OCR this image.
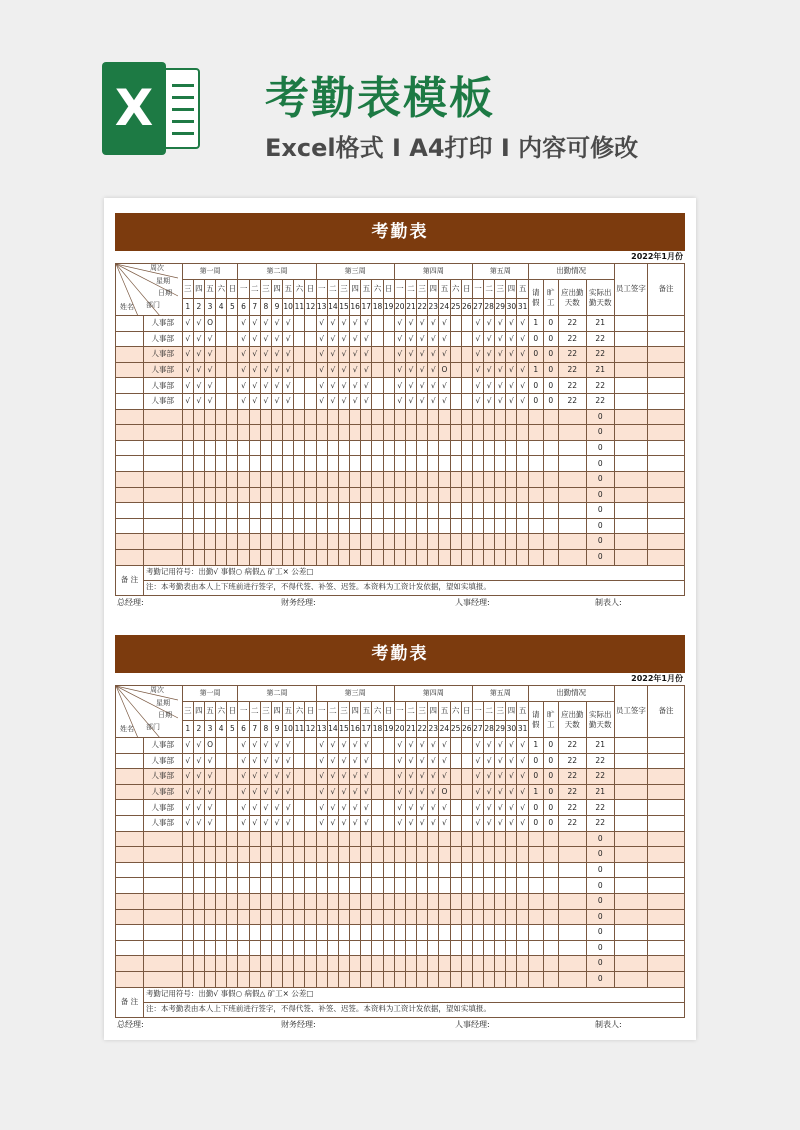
X	考勤表模板
Excel格式 I A4打印 I 内容可修改
考勤表
2022年1月份
周次
星期
日期
姓名 部门		第一周					第二周							第三周							第四周							第五周					出勤情况				员工签字	备注
		三	四	五	六	日	一	二	三	四	五	六	日	一	二	三	四	五	六	日	一	二	三	四	五	六	日	一	二	三	四	五	请假	旷工	应出勤天数	实际出勤天数		
		1	2	3	4	5	6	7	8	9	10	11	12	13	14	15	16	17	18	19	20	21	22	23	24	25	26	27	28	29	30	31						
	人事部	√	√	O			√	√	√	√	√			√	√	√	√	√			√	√	√	√	√			√	√	√	√	√	1	0	22	21		
	人事部	√	√	√			√	√	√	√	√			√	√	√	√	√			√	√	√	√	√			√	√	√	√	√	0	0	22	22		
	人事部	√	√	√			√	√	√	√	√			√	√	√	√	√			√	√	√	√	√			√	√	√	√	√	0	0	22	22		
	人事部	√	√	√			√	√	√	√	√			√	√	√	√	√			√	√	√	√	O			√	√	√	√	√	1	0	22	21		
	人事部	√	√	√			√	√	√	√	√			√	√	√	√	√			√	√	√	√	√			√	√	√	√	√	0	0	22	22		
	人事部	√	√	√			√	√	√	√	√			√	√	√	√	√			√	√	√	√	√			√	√	√	√	√	0	0	22	22		
																																				0		
																																				0		
																																				0		
																																				0		
																																				0		
																																				0		
																																				0		
																																				0		
																																				0		
																																				0		
备 注	考勤记用符号：出勤√ 事假○ 病假△ 矿工× 公差□																																					
	注：本考勤表由本人上下班前进行签字，不得代签、补签、迟签。本资料为工资计发依据，望如实填报。																																					
总经理:	财务经理:	人事经理:	制表人:
考勤表
2022年1月份
周次
星期
日期
姓名 部门		第一周					第二周							第三周							第四周							第五周					出勤情况				员工签字	备注
		三	四	五	六	日	一	二	三	四	五	六	日	一	二	三	四	五	六	日	一	二	三	四	五	六	日	一	二	三	四	五	请假	旷工	应出勤天数	实际出勤天数		
		1	2	3	4	5	6	7	8	9	10	11	12	13	14	15	16	17	18	19	20	21	22	23	24	25	26	27	28	29	30	31						
	人事部	√	√	O			√	√	√	√	√			√	√	√	√	√			√	√	√	√	√			√	√	√	√	√	1	0	22	21		
	人事部	√	√	√			√	√	√	√	√			√	√	√	√	√			√	√	√	√	√			√	√	√	√	√	0	0	22	22		
	人事部	√	√	√			√	√	√	√	√			√	√	√	√	√			√	√	√	√	√			√	√	√	√	√	0	0	22	22		
	人事部	√	√	√			√	√	√	√	√			√	√	√	√	√			√	√	√	√	O			√	√	√	√	√	1	0	22	21		
	人事部	√	√	√			√	√	√	√	√			√	√	√	√	√			√	√	√	√	√			√	√	√	√	√	0	0	22	22		
	人事部	√	√	√			√	√	√	√	√			√	√	√	√	√			√	√	√	√	√			√	√	√	√	√	0	0	22	22		
																																				0		
																																				0		
																																				0		
																																				0		
																																				0		
																																				0		
																																				0		
																																				0		
																																				0		
																																				0		
备 注	考勤记用符号：出勤√ 事假○ 病假△ 矿工× 公差□																																					
	注：本考勤表由本人上下班前进行签字，不得代签、补签、迟签。本资料为工资计发依据，望如实填报。																																					
总经理:	财务经理:	人事经理:	制表人:
